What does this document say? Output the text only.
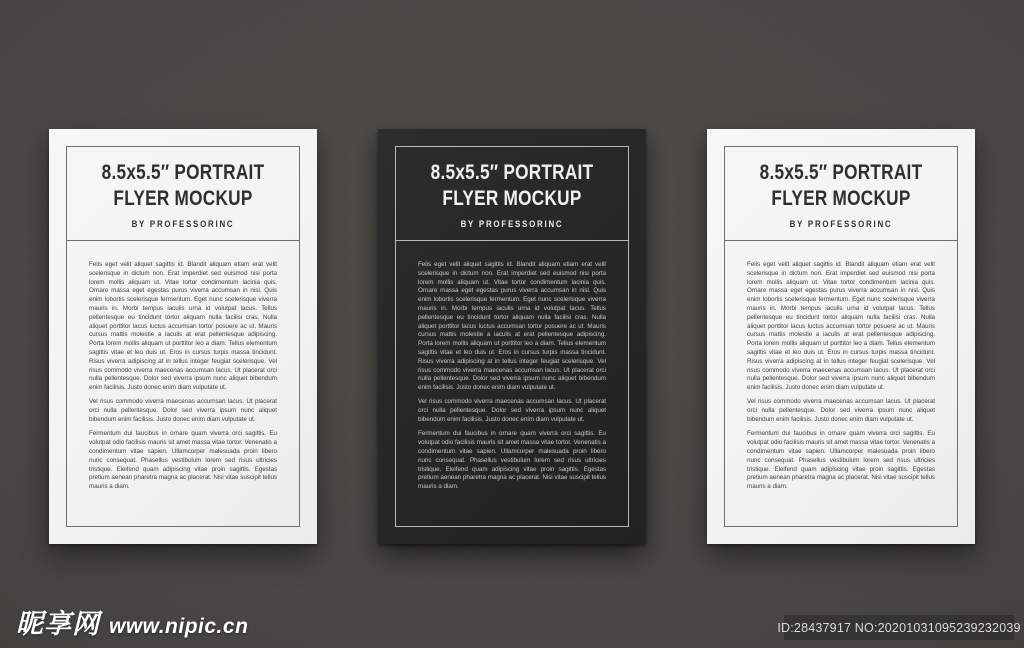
8.5x5.5″ PORTRAIT FLYER MOCKUP
BY PROFESSORINC

Felis eget velit aliquet sagittis id. Blandit aliquam etiam erat velit scelerisque in dictum non. Erat imperdiet sed euismod nisi porta lorem mollis aliquam ut. Vitae tortor condimentum lacinia quis. Ornare massa eget egestas purus viverra accumsan in nisl. Quis enim lobortis scelerisque fermentum. Eget nunc scelerisque viverra mauris in. Morbi tempus iaculis urna id volutpat lacus. Tellus pellentesque eu tincidunt tortor aliquam nulla facilisi cras. Nulla aliquet porttitor lacus luctus accumsan tortor posuere ac ut. Mauris cursus mattis molestie a iaculis at erat pellentesque adipiscing. Porta lorem mollis aliquam ut porttitor leo a diam. Tellus elementum sagittis vitae et leo duis ut. Eros in cursus turpis massa tincidunt. Risus viverra adipiscing at in tellus integer feugiat scelerisque. Vel risus commodo viverra maecenas accumsan lacus. Ut placerat orci nulla pellentesque. Dolor sed viverra ipsum nunc aliquet bibendum enim facilisis. Justo donec enim diam vulputate ut.

Vel risus commodo viverra maecenas accumsan lacus. Ut placerat orci nulla pellentesque. Dolor sed viverra ipsum nunc aliquet bibendum enim facilisis. Justo donec enim diam vulputate ut.

Fermentum dui faucibus in ornare quam viverra orci sagittis. Eu volutpat odio facilisis mauris sit amet massa vitae tortor. Venenatis a condimentum vitae sapien. Ullamcorper malesuada proin libero nunc consequat. Phasellus vestibulum lorem sed risus ultricies tristique. Eleifend quam adipiscing vitae proin sagittis. Egestas pretium aenean pharetra magna ac placerat. Nisi vitae suscipit tellus mauris a diam.

8.5x5.5″ PORTRAIT FLYER MOCKUP
BY PROFESSORINC

Felis eget velit aliquet sagittis id. Blandit aliquam etiam erat velit scelerisque in dictum non. Erat imperdiet sed euismod nisi porta lorem mollis aliquam ut. Vitae tortor condimentum lacinia quis. Ornare massa eget egestas purus viverra accumsan in nisl. Quis enim lobortis scelerisque fermentum. Eget nunc scelerisque viverra mauris in. Morbi tempus iaculis urna id volutpat lacus. Tellus pellentesque eu tincidunt tortor aliquam nulla facilisi cras. Nulla aliquet porttitor lacus luctus accumsan tortor posuere ac ut. Mauris cursus mattis molestie a iaculis at erat pellentesque adipiscing. Porta lorem mollis aliquam ut porttitor leo a diam. Tellus elementum sagittis vitae et leo duis ut. Eros in cursus turpis massa tincidunt. Risus viverra adipiscing at in tellus integer feugiat scelerisque. Vel risus commodo viverra maecenas accumsan lacus. Ut placerat orci nulla pellentesque. Dolor sed viverra ipsum nunc aliquet bibendum enim facilisis. Justo donec enim diam vulputate ut.

Vel risus commodo viverra maecenas accumsan lacus. Ut placerat orci nulla pellentesque. Dolor sed viverra ipsum nunc aliquet bibendum enim facilisis. Justo donec enim diam vulputate ut.

Fermentum dui faucibus in ornare quam viverra orci sagittis. Eu volutpat odio facilisis mauris sit amet massa vitae tortor. Venenatis a condimentum vitae sapien. Ullamcorper malesuada proin libero nunc consequat. Phasellus vestibulum lorem sed risus ultricies tristique. Eleifend quam adipiscing vitae proin sagittis. Egestas pretium aenean pharetra magna ac placerat. Nisi vitae suscipit tellus mauris a diam.

8.5x5.5″ PORTRAIT FLYER MOCKUP
BY PROFESSORINC

Felis eget velit aliquet sagittis id. Blandit aliquam etiam erat velit scelerisque in dictum non. Erat imperdiet sed euismod nisi porta lorem mollis aliquam ut. Vitae tortor condimentum lacinia quis. Ornare massa eget egestas purus viverra accumsan in nisl. Quis enim lobortis scelerisque fermentum. Eget nunc scelerisque viverra mauris in. Morbi tempus iaculis urna id volutpat lacus. Tellus pellentesque eu tincidunt tortor aliquam nulla facilisi cras. Nulla aliquet porttitor lacus luctus accumsan tortor posuere ac ut. Mauris cursus mattis molestie a iaculis at erat pellentesque adipiscing. Porta lorem mollis aliquam ut porttitor leo a diam. Tellus elementum sagittis vitae et leo duis ut. Eros in cursus turpis massa tincidunt. Risus viverra adipiscing at in tellus integer feugiat scelerisque. Vel risus commodo viverra maecenas accumsan lacus. Ut placerat orci nulla pellentesque. Dolor sed viverra ipsum nunc aliquet bibendum enim facilisis. Justo donec enim diam vulputate ut.

Vel risus commodo viverra maecenas accumsan lacus. Ut placerat orci nulla pellentesque. Dolor sed viverra ipsum nunc aliquet bibendum enim facilisis. Justo donec enim diam vulputate ut.

Fermentum dui faucibus in ornare quam viverra orci sagittis. Eu volutpat odio facilisis mauris sit amet massa vitae tortor. Venenatis a condimentum vitae sapien. Ullamcorper malesuada proin libero nunc consequat. Phasellus vestibulum lorem sed risus ultricies tristique. Eleifend quam adipiscing vitae proin sagittis. Egestas pretium aenean pharetra magna ac placerat. Nisi vitae suscipit tellus mauris a diam.

昵享网 www.nipic.cn	ID:28437917 NO:20201031095239232039
